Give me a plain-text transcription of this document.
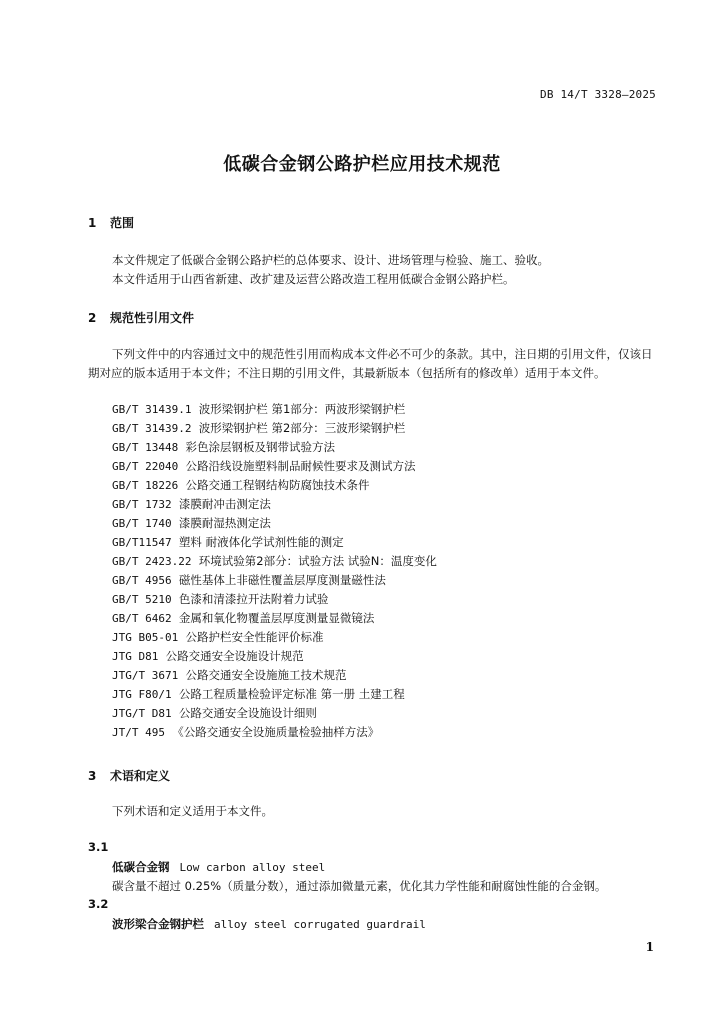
DB 14/T 3328—2025
低碳合金钢公路护栏应用技术规范
1 范围
本文件规定了低碳合金钢公路护栏的总体要求、设计、进场管理与检验、施工、验收。
本文件适用于山西省新建、改扩建及运营公路改造工程用低碳合金钢公路护栏。
2 规范性引用文件
下列文件中的内容通过文中的规范性引用而构成本文件必不可少的条款。其中，注日期的引用文件，仅该日期对应的版本适用于本文件；不注日期的引用文件，其最新版本（包括所有的修改单）适用于本文件。
GB/T 31439.1 波形梁钢护栏 第1部分：两波形梁钢护栏
GB/T 31439.2 波形梁钢护栏 第2部分：三波形梁钢护栏
GB/T 13448 彩色涂层钢板及钢带试验方法
GB/T 22040 公路沿线设施塑料制品耐候性要求及测试方法
GB/T 18226 公路交通工程钢结构防腐蚀技术条件
GB/T 1732 漆膜耐冲击测定法
GB/T 1740 漆膜耐湿热测定法
GB/T11547 塑料 耐液体化学试剂性能的测定
GB/T 2423.22 环境试验第2部分：试验方法 试验N：温度变化
GB/T 4956 磁性基体上非磁性覆盖层厚度测量磁性法
GB/T 5210 色漆和清漆拉开法附着力试验
GB/T 6462 金属和氧化物覆盖层厚度测量显微镜法
JTG B05-01 公路护栏安全性能评价标准
JTG D81 公路交通安全设施设计规范
JTG/T 3671 公路交通安全设施施工技术规范
JTG F80/1 公路工程质量检验评定标准 第一册 土建工程
JTG/T D81 公路交通安全设施设计细则
JT/T 495 《公路交通安全设施质量检验抽样方法》
3 术语和定义
下列术语和定义适用于本文件。
3.1
低碳合金钢 Low carbon alloy steel
碳含量不超过 0.25%（质量分数），通过添加微量元素，优化其力学性能和耐腐蚀性能的合金钢。
3.2
波形梁合金钢护栏 alloy steel corrugated guardrail
1
